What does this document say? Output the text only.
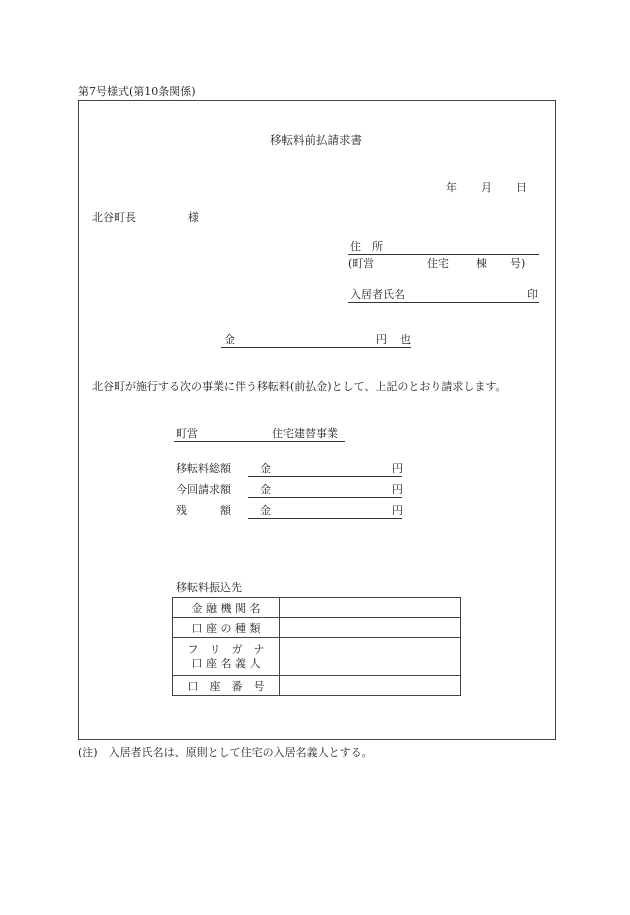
第7号様式(第10条関係)
移転料前払請求書
年 月 日
北谷町長	様
住　所
(町営	住宅 棟 号)
入居者氏名	印
金	円 也
北谷町が施行する次の事業に伴う移転料(前払金)として、上記のとおり請求します。
町営	住宅建替事業
移転料総額	金	円
今回請求額	金	円
残　　　額	金	円
移転料振込先
金 融 機 関 名	
口 座 の 種 類	

フ　リ　ガ　ナ
口 座 名 義 人	

口　座　番　号	
(注)　入居者氏名は、原則として住宅の入居名義人とする。
